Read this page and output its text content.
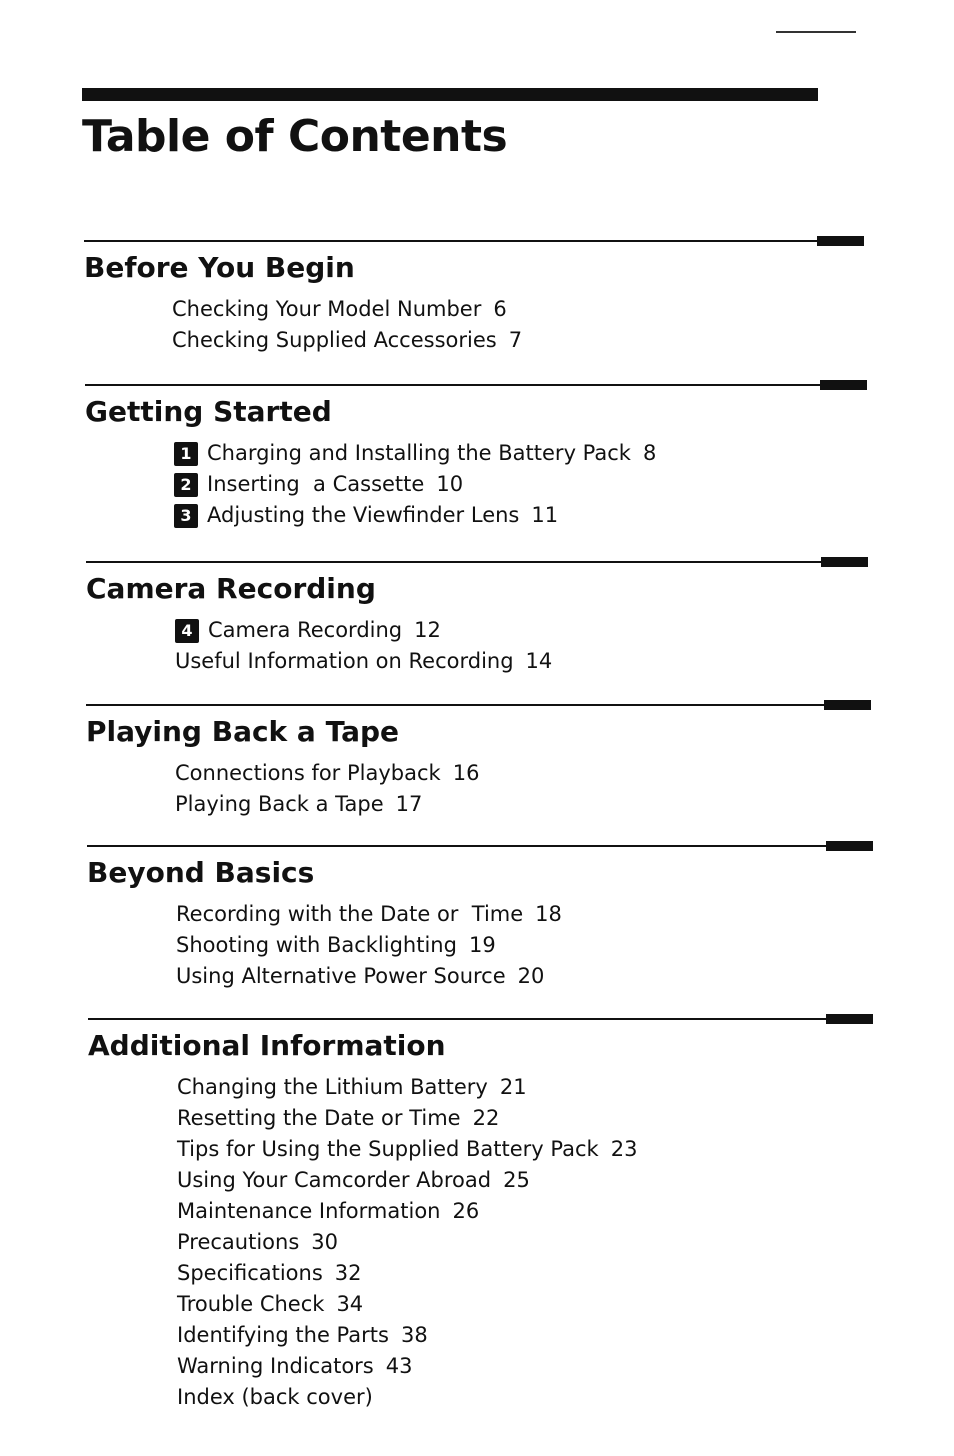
Table of Contents
Before You Begin
Checking Your Model Number 6
Checking Supplied Accessories 7
Getting Started
1 Charging and Installing the Battery Pack 8
2 Inserting  a Cassette 10
3 Adjusting the Viewfinder Lens 11
Camera Recording
4 Camera Recording 12
Useful Information on Recording 14
Playing Back a Tape
Connections for Playback 16
Playing Back a Tape 17
Beyond Basics
Recording with the Date or  Time 18
Shooting with Backlighting 19
Using Alternative Power Source 20
Additional Information
Changing the Lithium Battery 21
Resetting the Date or Time 22
Tips for Using the Supplied Battery Pack 23
Using Your Camcorder Abroad 25
Maintenance Information 26
Precautions 30
Specifications 32
Trouble Check 34
Identifying the Parts 38
Warning Indicators 43
Index (back cover)
